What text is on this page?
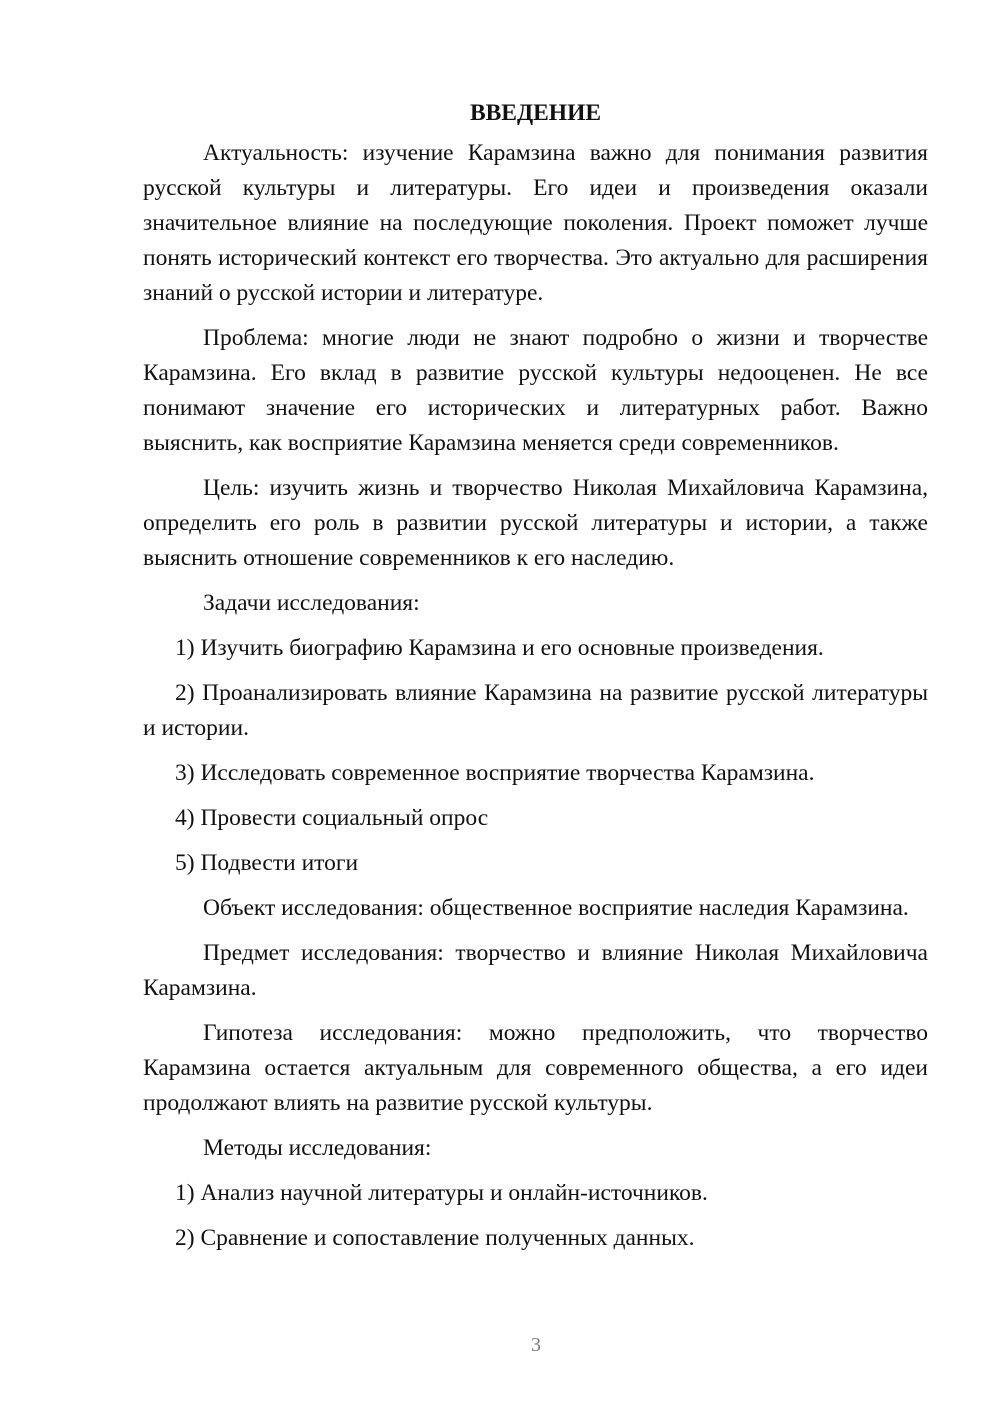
ВВЕДЕНИЕ

Актуальность: изучение Карамзина важно для понимания развития русской культуры и литературы. Его идеи и произведения оказали значительное влияние на последующие поколения. Проект поможет лучше понять исторический контекст его творчества. Это актуально для расширения знаний о русской истории и литературе.

Проблема: многие люди не знают подробно о жизни и творчестве Карамзина. Его вклад в развитие русской культуры недооценен. Не все понимают значение его исторических и литературных работ. Важно выяснить, как восприятие Карамзина меняется среди современников.

Цель: изучить жизнь и творчество Николая Михайловича Карамзина, определить его роль в развитии русской литературы и истории, а также выяснить отношение современников к его наследию.

Задачи исследования:

1) Изучить биографию Карамзина и его основные произведения.

2) Проанализировать влияние Карамзина на развитие русской литературы и истории.

3) Исследовать современное восприятие творчества Карамзина.

4) Провести социальный опрос

5) Подвести итоги

Объект исследования: общественное восприятие наследия Карамзина.

Предмет исследования: творчество и влияние Николая Михайловича Карамзина.

Гипотеза исследования: можно предположить, что творчество Карамзина остается актуальным для современного общества, а его идеи продолжают влиять на развитие русской культуры.

Методы исследования:

1) Анализ научной литературы и онлайн-источников.

2) Сравнение и сопоставление полученных данных.

3
